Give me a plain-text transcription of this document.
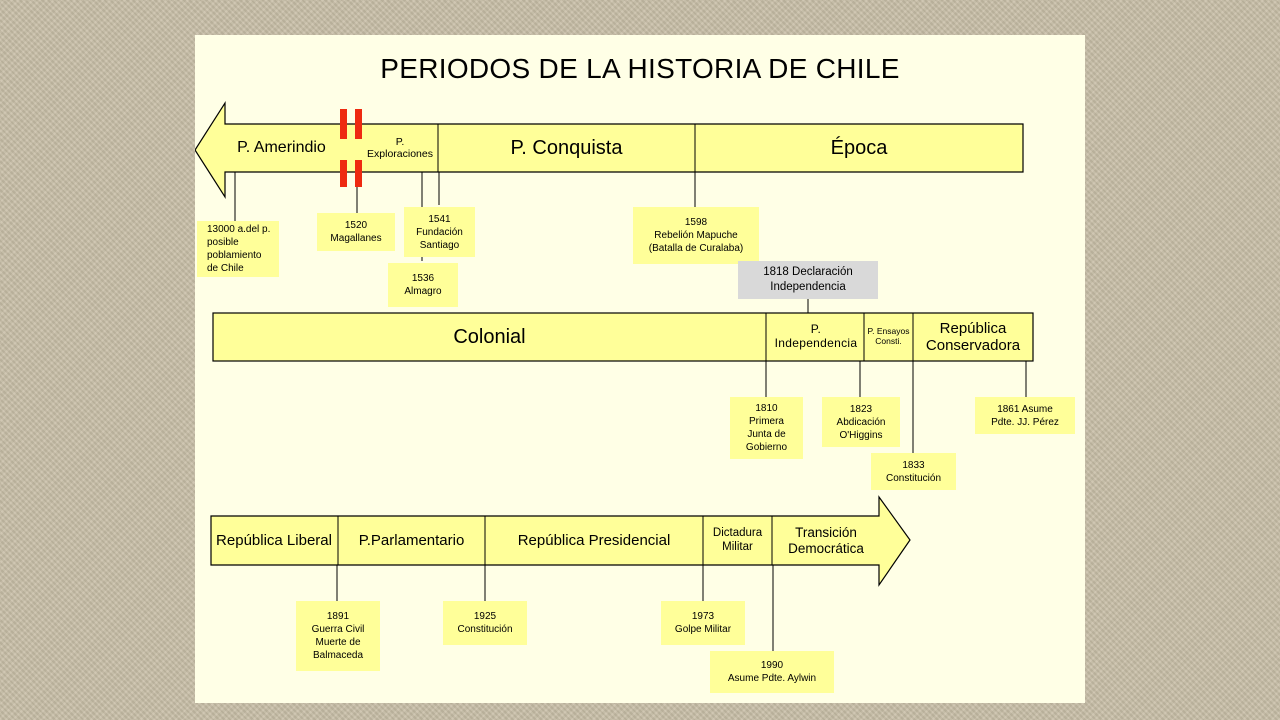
PERIODOS DE LA HISTORIA DE CHILE
P. Amerindio	P. Exploraciones	P. Conquista	Época
13000 a.del p.
posible
poblamiento
de Chile
1520
Magallanes
1541
Fundación
Santiago
1536
Almagro
1598
Rebelión Mapuche
(Batalla de Curalaba)
1818 Declaración
Independencia
Colonial	P. Independencia
P. Ensayos Consti.
República Conservadora
1810
Primera
Junta de
Gobierno
1823
Abdicación
O'Higgins
1833
Constitución
1861 Asume
Pdte. JJ. Pérez
República Liberal	P.Parlamentario	República Presidencial	Dictadura Militar
Transición Democrática
1891
Guerra Civil
Muerte de
Balmaceda
1925
Constitución
1973
Golpe Militar
1990
Asume Pdte. Aylwin
